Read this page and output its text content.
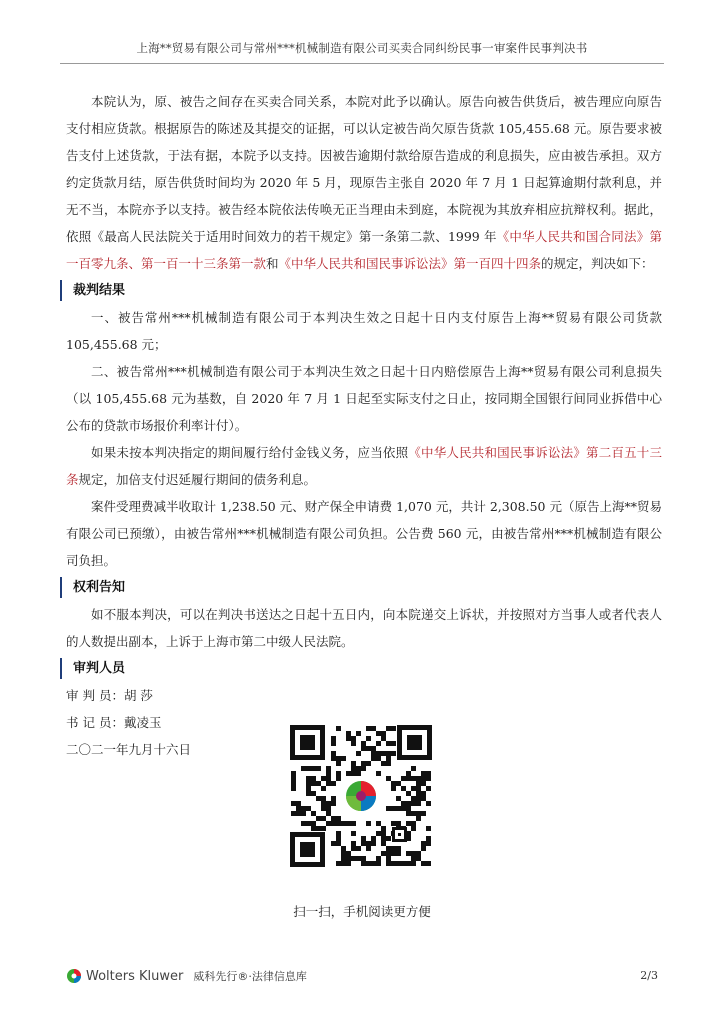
上海**贸易有限公司与常州***机械制造有限公司买卖合同纠纷民事一审案件民事判决书

本院认为，原、被告之间存在买卖合同关系，本院对此予以确认。原告向被告供货后，被告理应向原告支付相应货款。根据原告的陈述及其提交的证据，可以认定被告尚欠原告货款 105,455.68 元。原告要求被告支付上述货款，于法有据，本院予以支持。因被告逾期付款给原告造成的利息损失，应由被告承担。双方约定货款月结，原告供货时间均为 2020 年 5 月，现原告主张自 2020 年 7 月 1 日起算逾期付款利息，并无不当，本院亦予以支持。被告经本院依法传唤无正当理由未到庭，本院视为其放弃相应抗辩权利。据此，依照《最高人民法院关于适用时间效力的若干规定》第一条第二款、1999 年《中华人民共和国合同法》第一百零九条、第一百一十三条第一款和《中华人民共和国民事诉讼法》第一百四十四条的规定，判决如下：

裁判结果

一、被告常州***机械制造有限公司于本判决生效之日起十日内支付原告上海**贸易有限公司货款 105,455.68 元；

二、被告常州***机械制造有限公司于本判决生效之日起十日内赔偿原告上海**贸易有限公司利息损失（以 105,455.68 元为基数，自 2020 年 7 月 1 日起至实际支付之日止，按同期全国银行间同业拆借中心公布的贷款市场报价利率计付）。

如果未按本判决指定的期间履行给付金钱义务，应当依照《中华人民共和国民事诉讼法》第二百五十三条规定，加倍支付迟延履行期间的债务利息。

案件受理费减半收取计 1,238.50 元、财产保全申请费 1,070 元，共计 2,308.50 元（原告上海**贸易有限公司已预缴），由被告常州***机械制造有限公司负担。公告费 560 元，由被告常州***机械制造有限公司负担。

权利告知

如不服本判决，可以在判决书送达之日起十五日内，向本院递交上诉状，并按照对方当事人或者代表人的人数提出副本，上诉于上海市第二中级人民法院。

审判人员

审 判 员：胡 莎

书 记 员：戴凌玉

二〇二一年九月十六日

扫一扫，手机阅读更方便
Wolters Kluwer 威科先行®·法律信息库	2/3
